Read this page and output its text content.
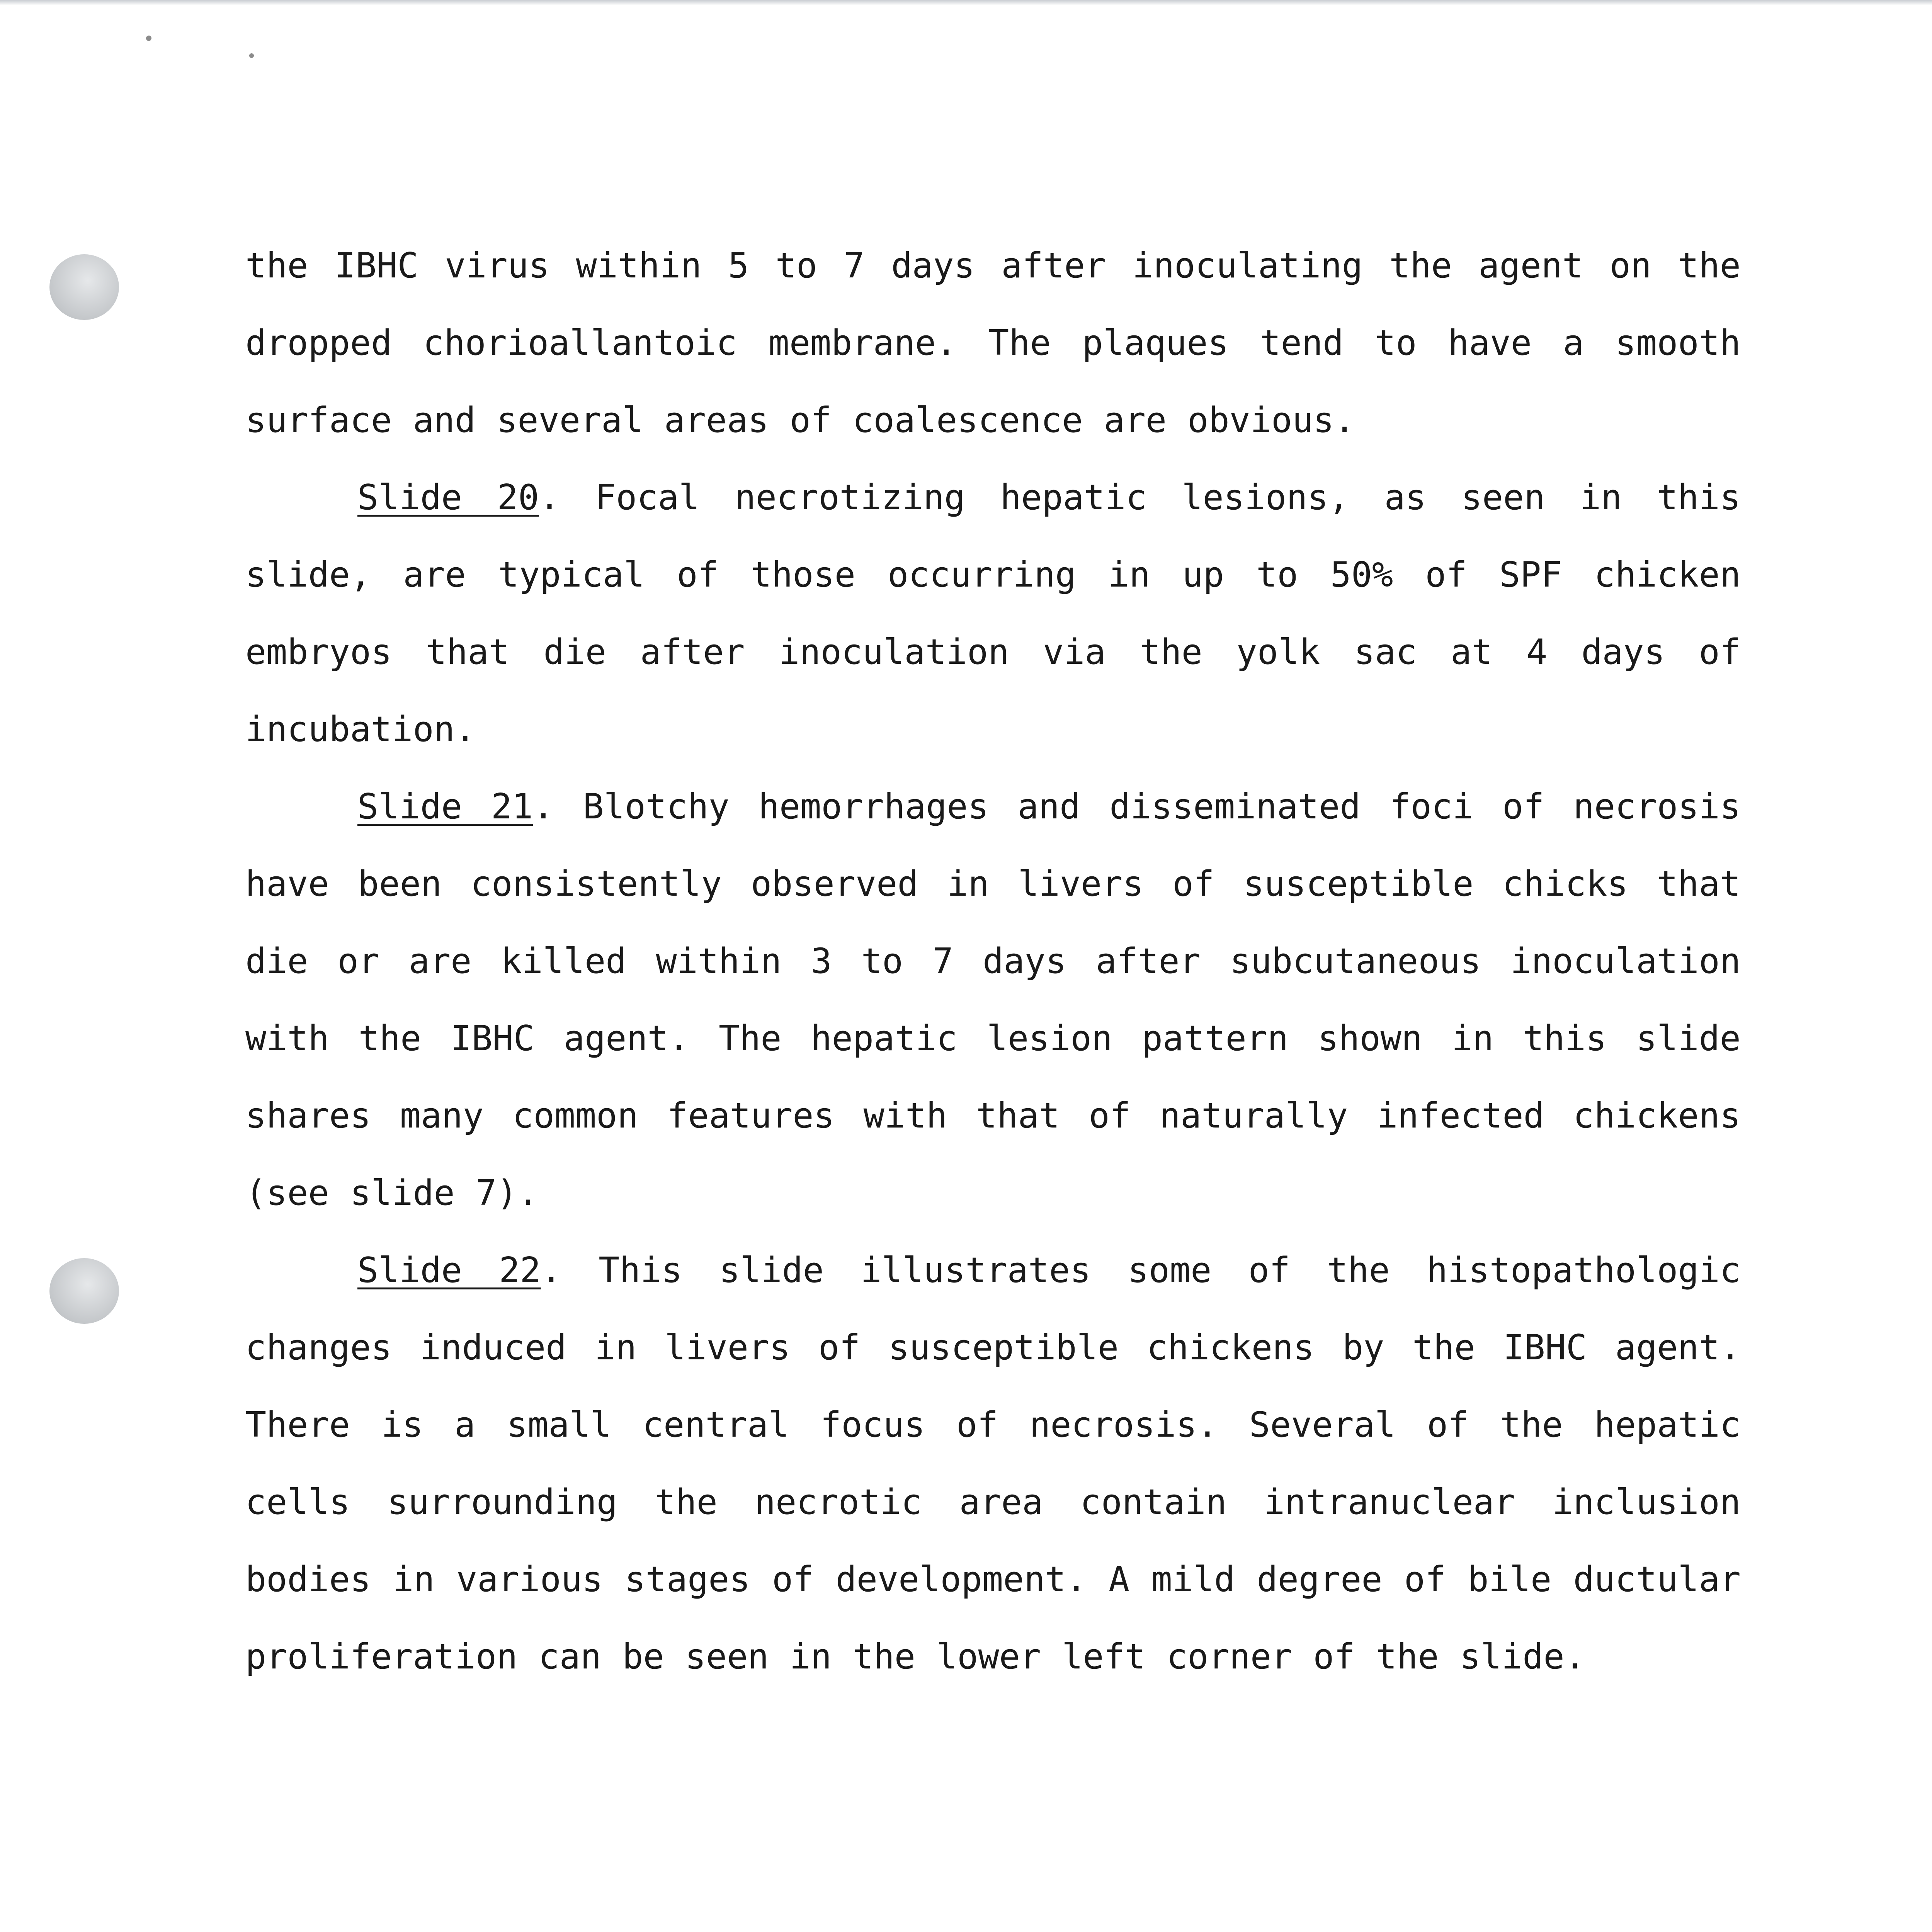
the IBHC virus within 5 to 7 days after inoculating the agent on the dropped chorioallantoic membrane. The plaques tend to have a smooth surface and several areas of coalescence are obvious.

Slide 20. Focal necrotizing hepatic lesions, as seen in this slide, are typical of those occurring in up to 50% of SPF chicken embryos that die after inoculation via the yolk sac at 4 days of incubation.

Slide 21. Blotchy hemorrhages and disseminated foci of necrosis have been consistently observed in livers of susceptible chicks that die or are killed within 3 to 7 days after subcutaneous inoculation with the IBHC agent. The hepatic lesion pattern shown in this slide shares many common features with that of naturally infected chickens (see slide 7).

Slide 22. This slide illustrates some of the histopathologic changes induced in livers of susceptible chickens by the IBHC agent. There is a small central focus of necrosis. Several of the hepatic cells surrounding the necrotic area contain intranuclear inclusion bodies in various stages of development. A mild degree of bile ductular proliferation can be seen in the lower left corner of the slide.
